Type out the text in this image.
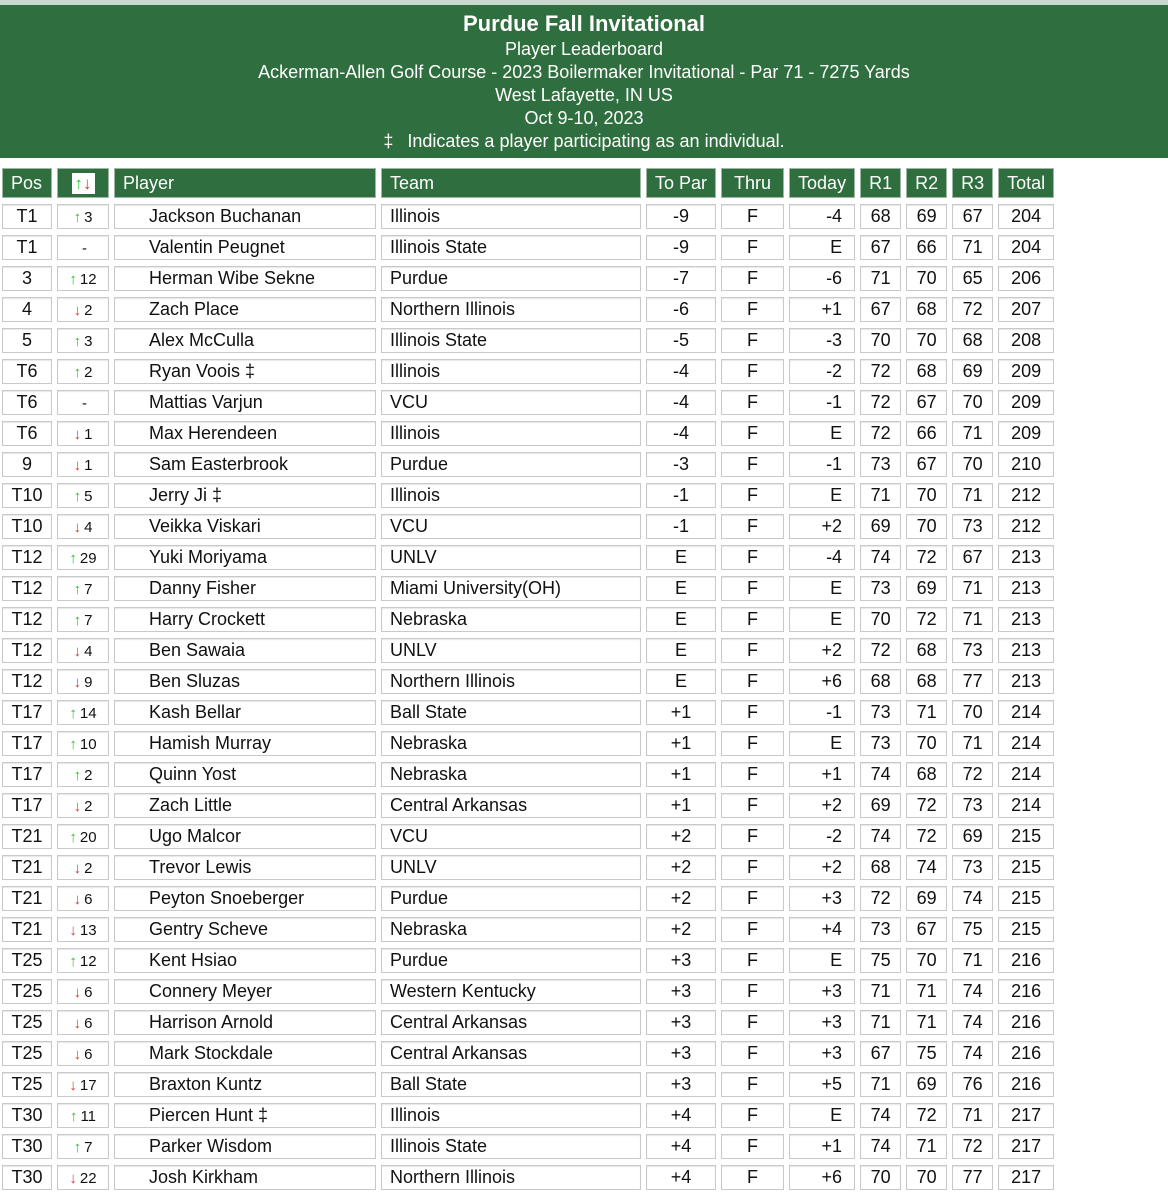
Purdue Fall Invitational
Player Leaderboard
Ackerman-Allen Golf Course - 2023 Boilermaker Invitational - Par 71 - 7275 Yards
West Lafayette, IN US
Oct 9-10, 2023
‡ Indicates a player participating as an individual.
Pos	↑↓	Player	Team	To Par	Thru	Today	R1	R2	R3	Total
T1	↑ 3	Jackson Buchanan	Illinois	-9	F	-4	68	69	67	204
T1	-	Valentin Peugnet	Illinois State	-9	F	E	67	66	71	204
3	↑ 12	Herman Wibe Sekne	Purdue	-7	F	-6	71	70	65	206
4	↓ 2	Zach Place	Northern Illinois	-6	F	+1	67	68	72	207
5	↑ 3	Alex McCulla	Illinois State	-5	F	-3	70	70	68	208
T6	↑ 2	Ryan Voois ‡	Illinois	-4	F	-2	72	68	69	209
T6	-	Mattias Varjun	VCU	-4	F	-1	72	67	70	209
T6	↓ 1	Max Herendeen	Illinois	-4	F	E	72	66	71	209
9	↓ 1	Sam Easterbrook	Purdue	-3	F	-1	73	67	70	210
T10	↑ 5	Jerry Ji ‡	Illinois	-1	F	E	71	70	71	212
T10	↓ 4	Veikka Viskari	VCU	-1	F	+2	69	70	73	212
T12	↑ 29	Yuki Moriyama	UNLV	E	F	-4	74	72	67	213
T12	↑ 7	Danny Fisher	Miami University(OH)	E	F	E	73	69	71	213
T12	↑ 7	Harry Crockett	Nebraska	E	F	E	70	72	71	213
T12	↓ 4	Ben Sawaia	UNLV	E	F	+2	72	68	73	213
T12	↓ 9	Ben Sluzas	Northern Illinois	E	F	+6	68	68	77	213
T17	↑ 14	Kash Bellar	Ball State	+1	F	-1	73	71	70	214
T17	↑ 10	Hamish Murray	Nebraska	+1	F	E	73	70	71	214
T17	↑ 2	Quinn Yost	Nebraska	+1	F	+1	74	68	72	214
T17	↓ 2	Zach Little	Central Arkansas	+1	F	+2	69	72	73	214
T21	↑ 20	Ugo Malcor	VCU	+2	F	-2	74	72	69	215
T21	↓ 2	Trevor Lewis	UNLV	+2	F	+2	68	74	73	215
T21	↓ 6	Peyton Snoeberger	Purdue	+2	F	+3	72	69	74	215
T21	↓ 13	Gentry Scheve	Nebraska	+2	F	+4	73	67	75	215
T25	↑ 12	Kent Hsiao	Purdue	+3	F	E	75	70	71	216
T25	↓ 6	Connery Meyer	Western Kentucky	+3	F	+3	71	71	74	216
T25	↓ 6	Harrison Arnold	Central Arkansas	+3	F	+3	71	71	74	216
T25	↓ 6	Mark Stockdale	Central Arkansas	+3	F	+3	67	75	74	216
T25	↓ 17	Braxton Kuntz	Ball State	+3	F	+5	71	69	76	216
T30	↑ 11	Piercen Hunt ‡	Illinois	+4	F	E	74	72	71	217
T30	↑ 7	Parker Wisdom	Illinois State	+4	F	+1	74	71	72	217
T30	↓ 22	Josh Kirkham	Northern Illinois	+4	F	+6	70	70	77	217
